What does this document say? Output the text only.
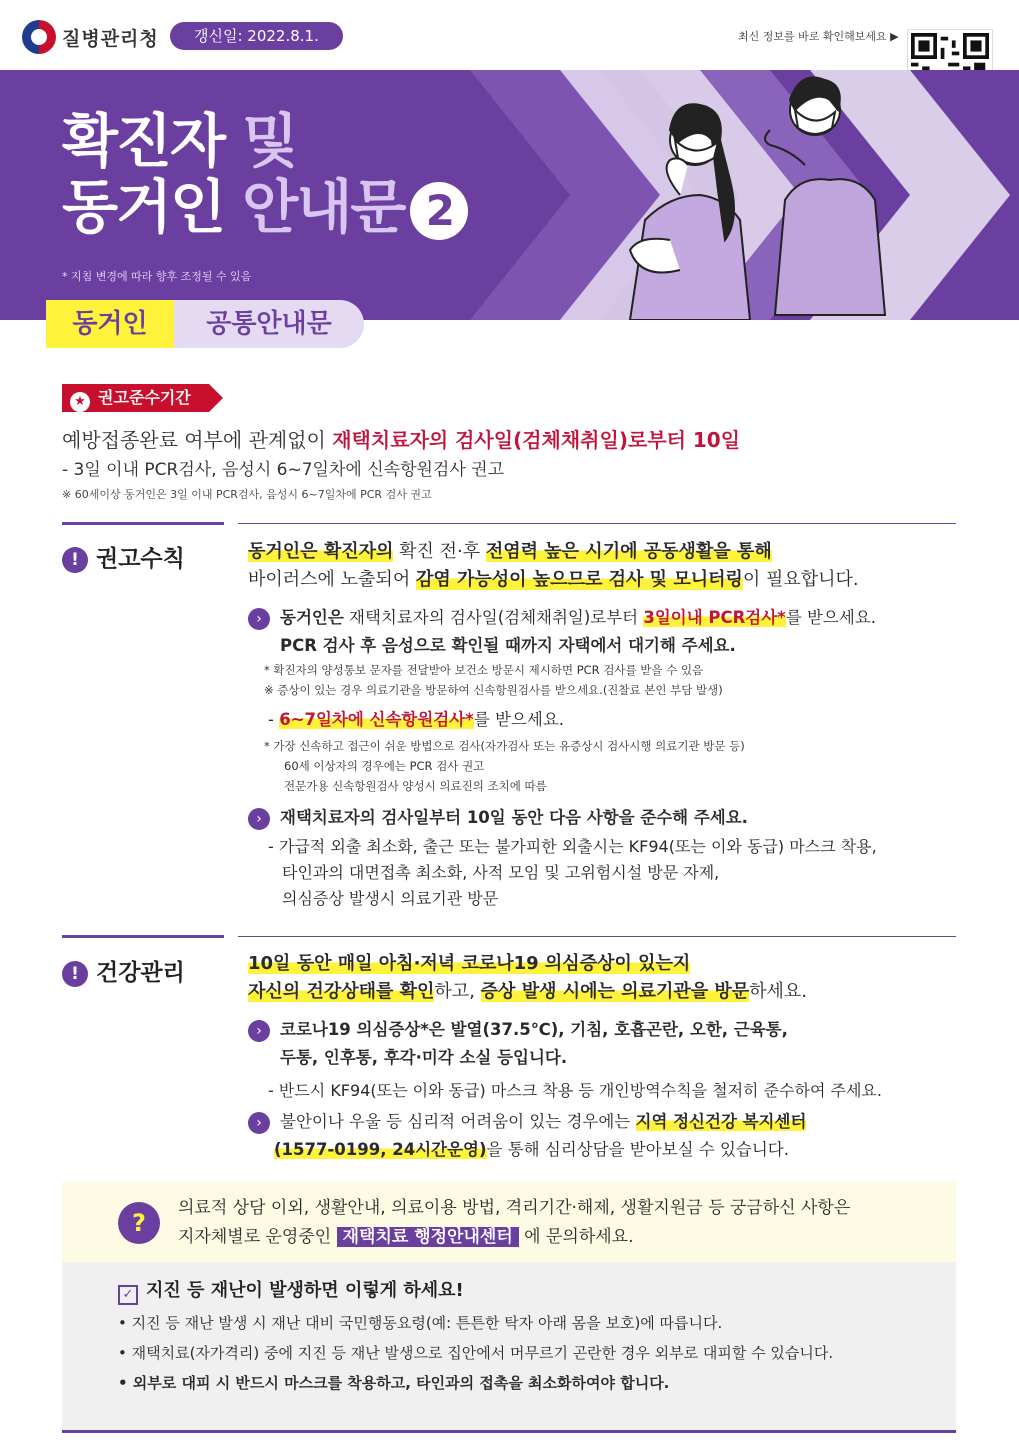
질병관리청	갱신일: 2022.8.1.	최신 정보를 바로 확인해보세요 ▶
확진자 및
동거인 안내문 2
* 지침 변경에 따라 향후 조정될 수 있음
동거인	공통안내문
★ 권고준수기간
예방접종완료 여부에 관계없이 재택치료자의 검사일(검체채취일)로부터 10일
- 3일 이내 PCR검사, 음성시 6~7일차에 신속항원검사 권고
※ 60세이상 동거인은 3일 이내 PCR검사, 음성시 6~7일차에 PCR 검사 권고
! 권고수칙	동거인은 확진자의 확진 전·후 전염력 높은 시기에 공동생활을 통해
바이러스에 노출되어 감염 가능성이 높으므로 검사 및 모니터링이 필요합니다.
› 동거인은 재택치료자의 검사일(검체채취일)로부터 3일이내 PCR검사*를 받으세요.
PCR 검사 후 음성으로 확인될 때까지 자택에서 대기해 주세요.
* 확진자의 양성통보 문자를 전달받아 보건소 방문시 제시하면 PCR 검사를 받을 수 있음
※ 증상이 있는 경우 의료기관을 방문하여 신속항원검사를 받으세요.(진찰료 본인 부담 발생)
- 6~7일차에 신속항원검사*를 받으세요.
* 가장 신속하고 접근이 쉬운 방법으로 검사(자가검사 또는 유증상시 검사시행 의료기관 방문 등)
60세 이상자의 경우에는 PCR 검사 권고
전문가용 신속항원검사 양성시 의료진의 조치에 따름
› 재택치료자의 검사일부터 10일 동안 다음 사항을 준수해 주세요.
- 가급적 외출 최소화, 출근 또는 불가피한 외출시는 KF94(또는 이와 동급) 마스크 착용,
타인과의 대면접촉 최소화, 사적 모임 및 고위험시설 방문 자제,
의심증상 발생시 의료기관 방문
! 건강관리	10일 동안 매일 아침·저녁 코로나19 의심증상이 있는지
자신의 건강상태를 확인하고, 증상 발생 시에는 의료기관을 방문하세요.
› 코로나19 의심증상*은 발열(37.5℃), 기침, 호흡곤란, 오한, 근육통,
두통, 인후통, 후각·미각 소실 등입니다.
- 반드시 KF94(또는 이와 동급) 마스크 착용 등 개인방역수칙을 철저히 준수하여 주세요.
› 불안이나 우울 등 심리적 어려움이 있는 경우에는 지역 정신건강 복지센터
(1577-0199, 24시간운영)을 통해 심리상담을 받아보실 수 있습니다.
?
의료적 상담 이외, 생활안내, 의료이용 방법, 격리기간·해제, 생활지원금 등 궁금하신 사항은
지자체별로 운영중인 재택치료 행정안내센터 에 문의하세요.
✓ 지진 등 재난이 발생하면 이렇게 하세요!
• 지진 등 재난 발생 시 재난 대비 국민행동요령(예: 튼튼한 탁자 아래 몸을 보호)에 따릅니다.
• 재택치료(자가격리) 중에 지진 등 재난 발생으로 집안에서 머무르기 곤란한 경우 외부로 대피할 수 있습니다.
• 외부로 대피 시 반드시 마스크를 착용하고, 타인과의 접촉을 최소화하여야 합니다.
